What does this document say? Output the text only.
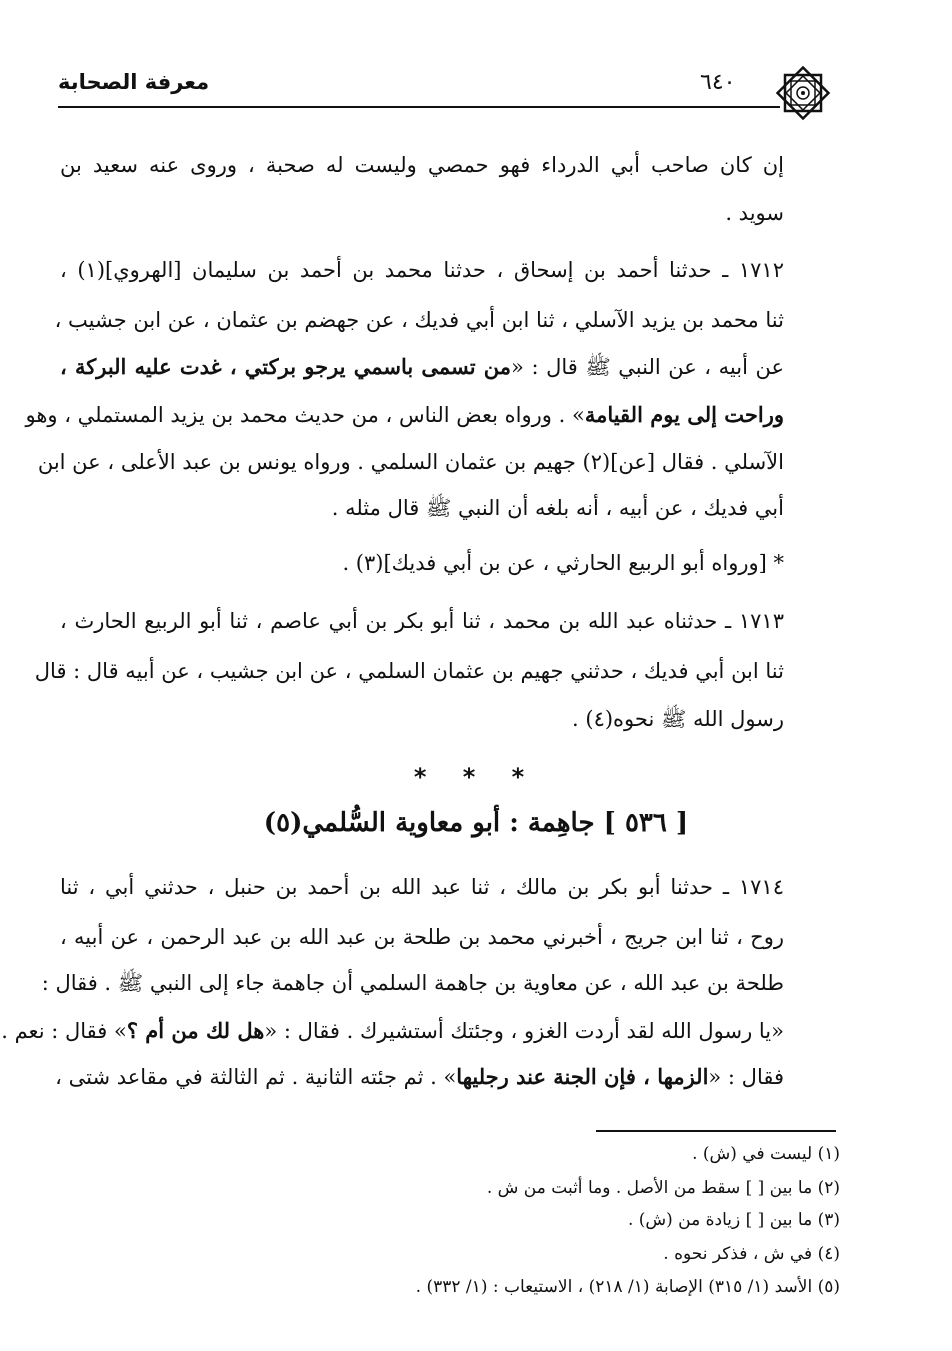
معرفة الصحابة	٦٤٠
إن كان صاحب أبي الدرداء فهو حمصي وليست له صحبة ، وروى عنه سعيد بن
سويد .
١٧١٢ ـ حدثنا أحمد بن إسحاق ، حدثنا محمد بن أحمد بن سليمان [الهروي](١) ،
ثنا محمد بن يزيد الآسلي ، ثنا ابن أبي فديك ، عن جهضم بن عثمان ، عن ابن جشيب ،
عن أبيه ، عن النبي ﷺ قال : «من تسمى باسمي يرجو بركتي ، غدت عليه البركة ،
وراحت إلى يوم القيامة» . ورواه بعض الناس ، من حديث محمد بن يزيد المستملي ، وهو
الآسلي . فقال [عن](٢) جهيم بن عثمان السلمي . ورواه يونس بن عبد الأعلى ، عن ابن
أبي فديك ، عن أبيه ، أنه بلغه أن النبي ﷺ قال مثله .
* [ورواه أبو الربيع الحارثي ، عن بن أبي فديك](٣) .
١٧١٣ ـ حدثناه عبد الله بن محمد ، ثنا أبو بكر بن أبي عاصم ، ثنا أبو الربيع الحارث ،
ثنا ابن أبي فديك ، حدثني جهيم بن عثمان السلمي ، عن ابن جشيب ، عن أبيه قال : قال
رسول الله ﷺ نحوه(٤) .
* * *
[ ٥٣٦ ] جاهِمة : أبو معاوية السُّلمي(٥)
١٧١٤ ـ حدثنا أبو بكر بن مالك ، ثنا عبد الله بن أحمد بن حنبل ، حدثني أبي ، ثنا
روح ، ثنا ابن جريج ، أخبرني محمد بن طلحة بن عبد الله بن عبد الرحمن ، عن أبيه ،
طلحة بن عبد الله ، عن معاوية بن جاهمة السلمي أن جاهمة جاء إلى النبي ﷺ . فقال :
«يا رسول الله لقد أردت الغزو ، وجئتك أستشيرك . فقال : «هل لك من أم ؟» فقال : نعم .
فقال : «الزمها ، فإن الجنة عند رجليها» . ثم جئته الثانية . ثم الثالثة في مقاعد شتى ،
(١) ليست في (ش) .
(٢) ما بين [ ] سقط من الأصل . وما أثبت من ش .
(٣) ما بين [ ] زيادة من (ش) .
(٤) في ش ، فذكر نحوه .
(٥) الأسد (١/ ٣١٥) الإصابة (١/ ٢١٨) ، الاستيعاب : (١/ ٣٣٢) .
